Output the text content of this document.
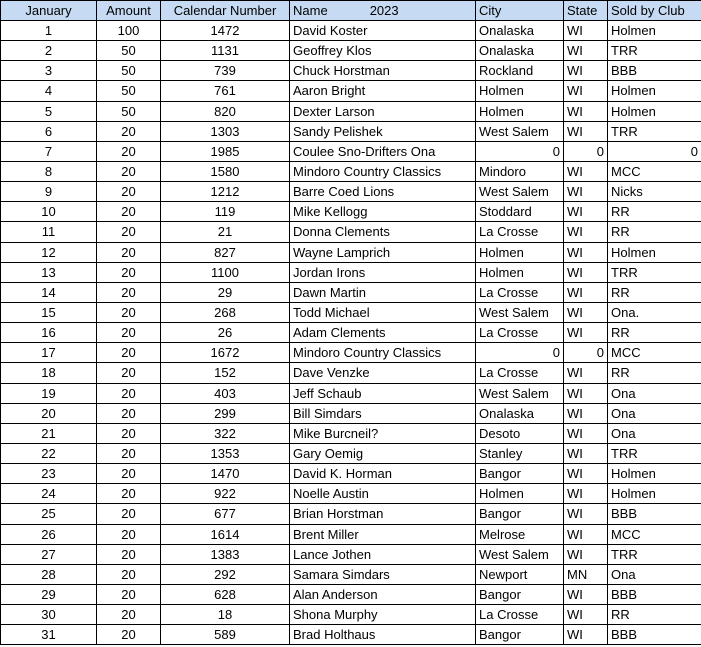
January	Amount	Calendar Number	Name 2023	City	State	Sold by Club
1	100	1472	David Koster	Onalaska	WI	Holmen
2	50	1131	Geoffrey Klos	Onalaska	WI	TRR
3	50	739	Chuck Horstman	Rockland	WI	BBB
4	50	761	Aaron Bright	Holmen	WI	Holmen
5	50	820	Dexter Larson	Holmen	WI	Holmen
6	20	1303	Sandy Pelishek	West Salem	WI	TRR
7	20	1985	Coulee Sno-Drifters Ona	0	0	0
8	20	1580	Mindoro Country Classics	Mindoro	WI	MCC
9	20	1212	Barre Coed Lions	West Salem	WI	Nicks
10	20	119	Mike Kellogg	Stoddard	WI	RR
11	20	21	Donna Clements	La Crosse	WI	RR
12	20	827	Wayne Lamprich	Holmen	WI	Holmen
13	20	1100	Jordan Irons	Holmen	WI	TRR
14	20	29	Dawn Martin	La Crosse	WI	RR
15	20	268	Todd Michael	West Salem	WI	Ona.
16	20	26	Adam Clements	La Crosse	WI	RR
17	20	1672	Mindoro Country Classics	0	0	MCC
18	20	152	Dave Venzke	La Crosse	WI	RR
19	20	403	Jeff Schaub	West Salem	WI	Ona
20	20	299	Bill Simdars	Onalaska	WI	Ona
21	20	322	Mike Burcneil?	Desoto	WI	Ona
22	20	1353	Gary Oemig	Stanley	WI	TRR
23	20	1470	David K. Horman	Bangor	WI	Holmen
24	20	922	Noelle Austin	Holmen	WI	Holmen
25	20	677	Brian Horstman	Bangor	WI	BBB
26	20	1614	Brent Miller	Melrose	WI	MCC
27	20	1383	Lance Jothen	West Salem	WI	TRR
28	20	292	Samara Simdars	Newport	MN	Ona
29	20	628	Alan Anderson	Bangor	WI	BBB
30	20	18	Shona Murphy	La Crosse	WI	RR
31	20	589	Brad Holthaus	Bangor	WI	BBB
